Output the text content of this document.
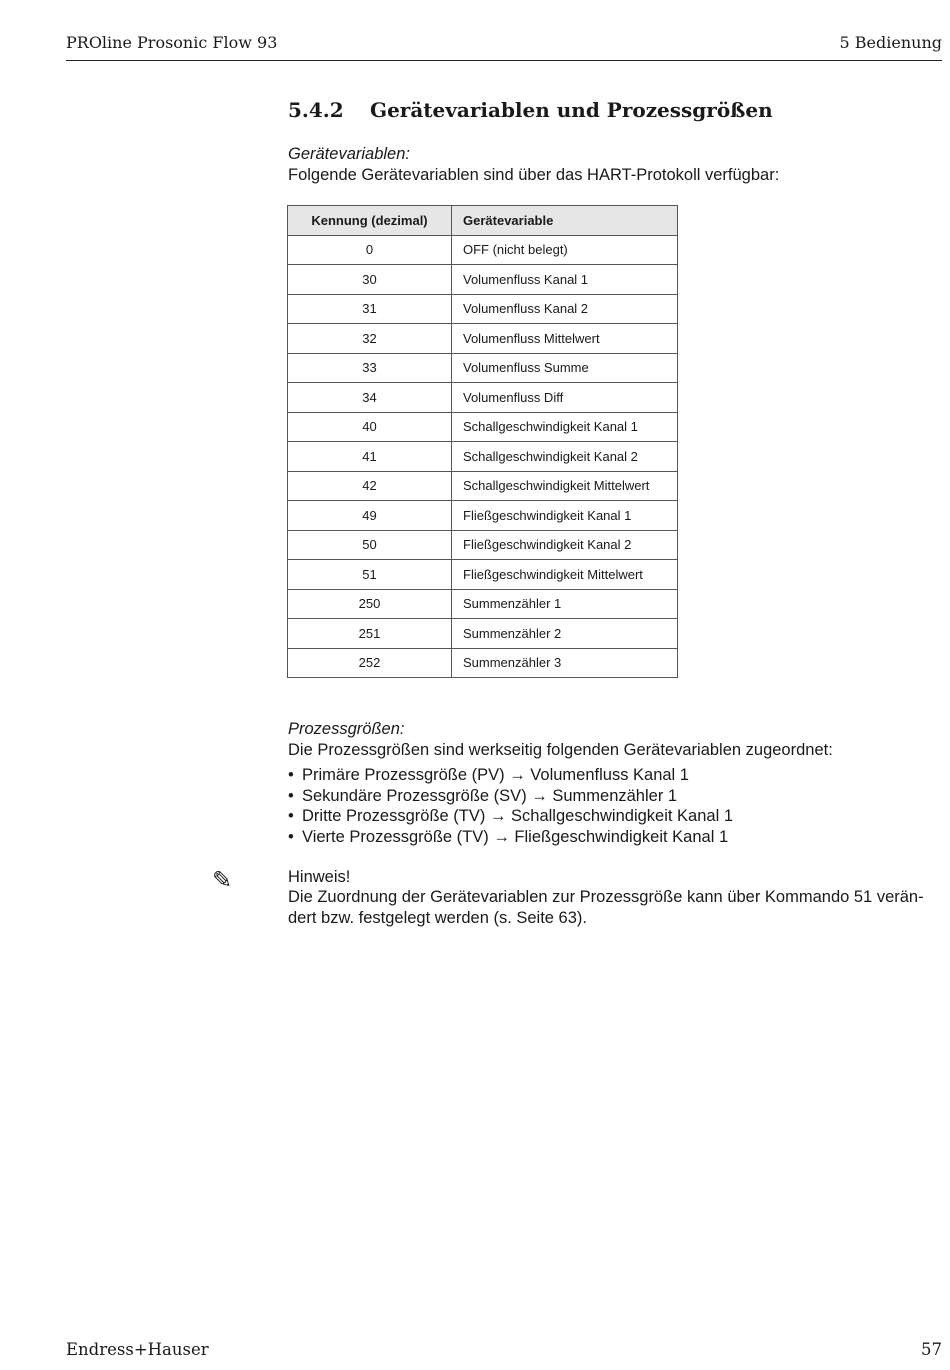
PROline Prosonic Flow 93	5 Bedienung
5.4.2 Gerätevariablen und Prozessgrößen
Gerätevariablen:
Folgende Gerätevariablen sind über das HART-Protokoll verfügbar:
Kennung (dezimal)	Gerätevariable
0	OFF (nicht belegt)
30	Volumenfluss Kanal 1
31	Volumenfluss Kanal 2
32	Volumenfluss Mittelwert
33	Volumenfluss Summe
34	Volumenfluss Diff
40	Schallgeschwindigkeit Kanal 1
41	Schallgeschwindigkeit Kanal 2
42	Schallgeschwindigkeit Mittelwert
49	Fließgeschwindigkeit Kanal 1
50	Fließgeschwindigkeit Kanal 2
51	Fließgeschwindigkeit Mittelwert
250	Summenzähler 1
251	Summenzähler 2
252	Summenzähler 3
Prozessgrößen:
Die Prozessgrößen sind werkseitig folgenden Gerätevariablen zugeordnet:
• Primäre Prozessgröße (PV) → Volumenfluss Kanal 1
• Sekundäre Prozessgröße (SV) → Summenzähler 1
• Dritte Prozessgröße (TV) → Schallgeschwindigkeit Kanal 1
• Vierte Prozessgröße (TV) → Fließgeschwindigkeit Kanal 1
✎	Hinweis!
Die Zuordnung der Gerätevariablen zur Prozessgröße kann über Kommando 51 verän-
dert bzw. festgelegt werden (s. Seite 63).
Endress+Hauser	57
